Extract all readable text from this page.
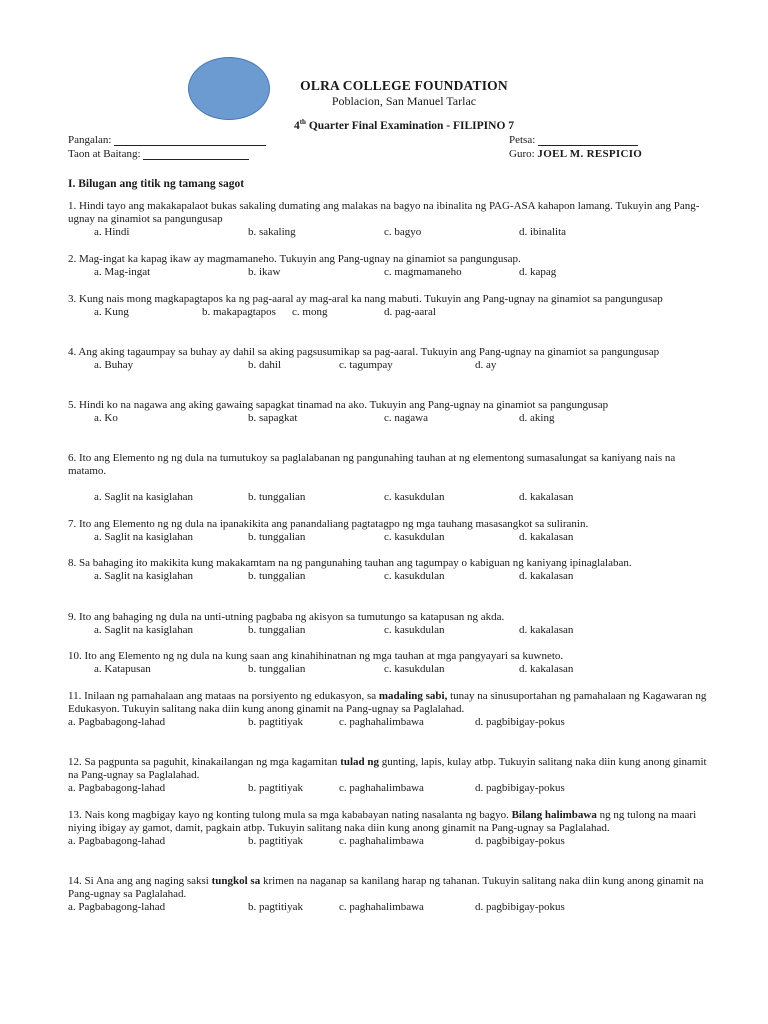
OLRA COLLEGE FOUNDATION
Poblacion, San Manuel Tarlac
4th Quarter Final Examination - FILIPINO 7
Pangalan:	Petsa:
Taon at Baitang:	Guro: JOEL M. RESPICIO
I. Bilugan ang titik ng tamang sagot
1. Hindi tayo ang makakapalaot bukas sakaling dumating ang malakas na bagyo na ibinalita ng PAG-ASA kahapon lamang. Tukuyin ang Pang-ugnay na ginamiot sa pangungusap
a. Hindi	b. sakaling	c. bagyo	d. ibinalita
2. Mag-ingat ka kapag ikaw ay magmamaneho. Tukuyin ang Pang-ugnay na ginamiot sa pangungusap.
a. Mag-ingat	b. ikaw	c. magmamaneho	d. kapag
3. Kung nais mong magkapagtapos ka ng pag-aaral ay mag-aral ka nang mabuti. Tukuyin ang Pang-ugnay na ginamiot sa pangungusap
a. Kung	b. makapagtapos c. mong	d. pag-aaral
4. Ang aking tagaumpay sa buhay ay dahil sa aking pagsusumikap sa pag-aaral. Tukuyin ang Pang-ugnay na ginamiot sa pangungusap
a. Buhay	b. dahil	c. tagumpay	d. ay
5. Hindi ko na nagawa ang aking gawaing sapagkat tinamad na ako. Tukuyin ang Pang-ugnay na ginamiot sa pangungusap
a. Ko	b. sapagkat	c. nagawa	d. aking
6. Ito ang Elemento ng ng dula na tumutukoy sa paglalabanan ng pangunahing tauhan at ng elementong sumasalungat sa kaniyang nais na matamo.
a. Saglit na kasiglahan	b. tunggalian	c. kasukdulan	d. kakalasan
7. Ito ang Elemento ng ng dula na ipanakikita ang panandaliang pagtatagpo ng mga tauhang masasangkot sa suliranin.
a. Saglit na kasiglahan	b. tunggalian	c. kasukdulan	d. kakalasan
8. Sa bahaging ito makikita kung makakamtam na ng pangunahing tauhan ang tagumpay o kabiguan ng kaniyang ipinaglalaban.
a. Saglit na kasiglahan	b. tunggalian	c. kasukdulan	d. kakalasan
9. Ito ang bahaging ng dula na unti-utning pagbaba ng akisyon sa tumutungo sa katapusan ng akda.
a. Saglit na kasiglahan	b. tunggalian	c. kasukdulan	d. kakalasan
10. Ito ang Elemento ng ng dula na kung saan ang kinahihinatnan ng mga tauhan at mga pangyayari sa kuwneto.
a. Katapusan	b. tunggalian	c. kasukdulan	d. kakalasan
11. Inilaan ng pamahalaan ang mataas na porsiyento ng edukasyon, sa madaling sabi, tunay na sinusuportahan ng pamahalaan ng Kagawaran ng Edukasyon. Tukuyin salitang naka diin kung anong ginamit na Pang-ugnay sa Paglalahad.
a. Pagbabagong-lahad	b. pagtitiyak	c. paghahalimbawa	d. pagbibigay-pokus
12. Sa pagpunta sa paguhit, kinakailangan ng mga kagamitan tulad ng gunting, lapis, kulay atbp. Tukuyin salitang naka diin kung anong ginamit na Pang-ugnay sa Paglalahad.
a. Pagbabagong-lahad	b. pagtitiyak	c. paghahalimbawa	d. pagbibigay-pokus
13. Nais kong magbigay kayo ng konting tulong mula sa mga kababayan nating nasalanta ng bagyo. Bilang halimbawa ng ng tulong na maari niying ibigay ay gamot, damit, pagkain atbp. Tukuyin salitang naka diin kung anong ginamit na Pang-ugnay sa Paglalahad.
a. Pagbabagong-lahad	b. pagtitiyak	c. paghahalimbawa	d. pagbibigay-pokus
14. Si Ana ang ang naging saksi tungkol sa krimen na naganap sa kanilang harap ng tahanan. Tukuyin salitang naka diin kung anong ginamit na Pang-ugnay sa Paglalahad.
a. Pagbabagong-lahad	b. pagtitiyak	c. paghahalimbawa	d. pagbibigay-pokus
